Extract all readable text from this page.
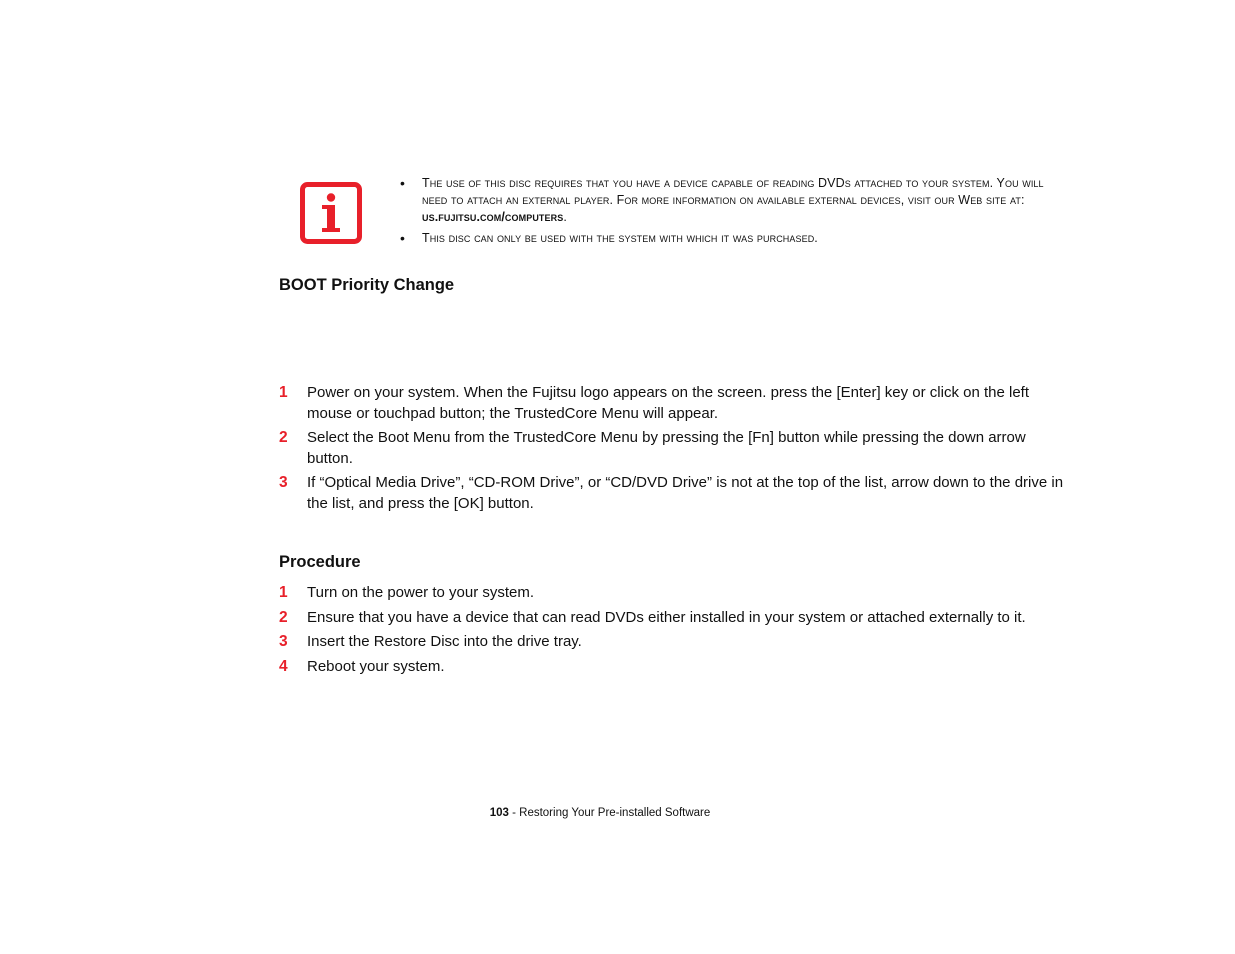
• The use of this disc requires that you have a device capable of reading DVDs attached to your system. You will need to attach an external player. For more information on available external devices, visit our Web site at: us.fujitsu.com/computers.
• This disc can only be used with the system with which it was purchased.
BOOT Priority Change
1 Power on your system. When the Fujitsu logo appears on the screen. press the [Enter] key or click on the left mouse or touchpad button; the TrustedCore Menu will appear.
2 Select the Boot Menu from the TrustedCore Menu by pressing the [Fn] button while pressing the down arrow button.
3 If “Optical Media Drive”, “CD-ROM Drive”, or “CD/DVD Drive” is not at the top of the list, arrow down to the drive in the list, and press the [OK] button.
Procedure
1 Turn on the power to your system.
2 Ensure that you have a device that can read DVDs either installed in your system or attached externally to it.
3 Insert the Restore Disc into the drive tray.
4 Reboot your system.
103 - Restoring Your Pre-installed Software
